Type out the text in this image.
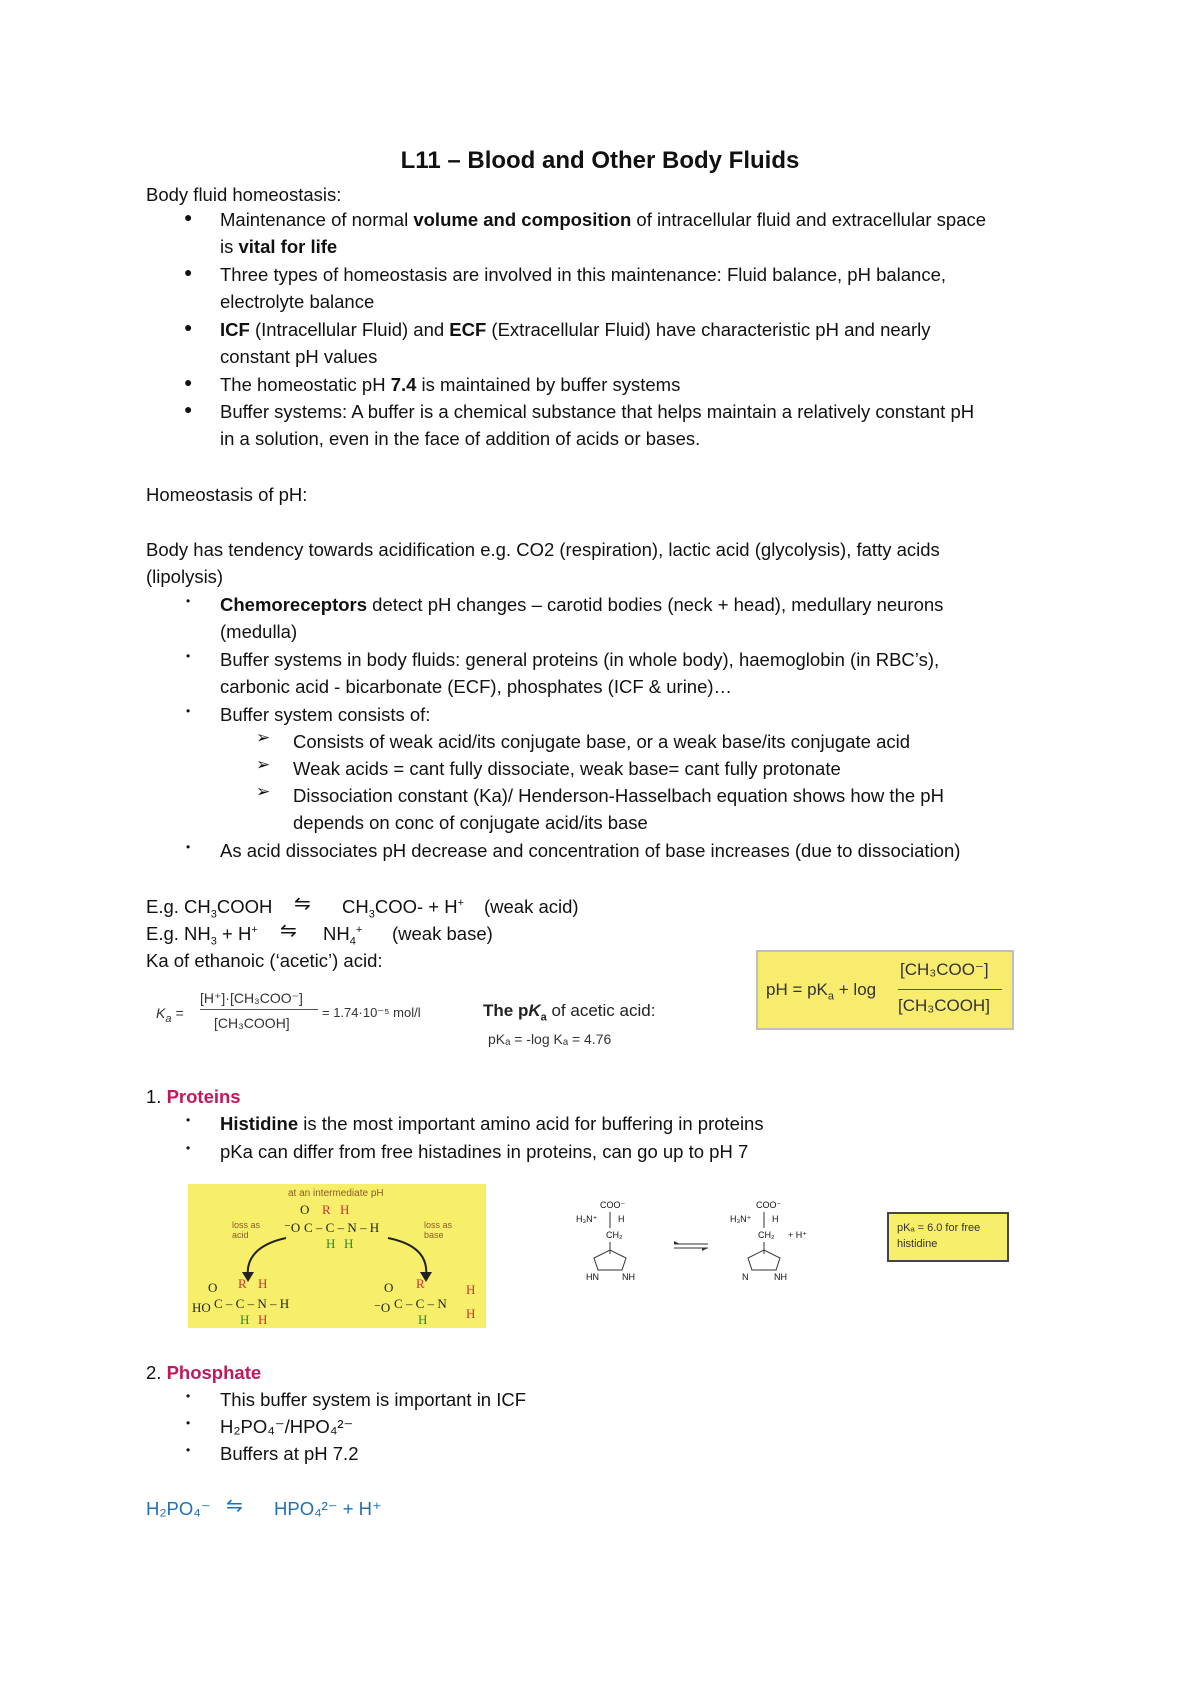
L11 – Blood and Other Body Fluids
Body fluid homeostasis:
● Maintenance of normal volume and composition of intracellular fluid and extracellular space
is vital for life
● Three types of homeostasis are involved in this maintenance: Fluid balance, pH balance,
electrolyte balance
● ICF (Intracellular Fluid) and ECF (Extracellular Fluid) have characteristic pH and nearly
constant pH values
● The homeostatic pH 7.4 is maintained by buffer systems
● Buffer systems: A buffer is a chemical substance that helps maintain a relatively constant pH
in a solution, even in the face of addition of acids or bases.
Homeostasis of pH:
Body has tendency towards acidification e.g. CO2 (respiration), lactic acid (glycolysis), fatty acids
(lipolysis)
• Chemoreceptors detect pH changes – carotid bodies (neck + head), medullary neurons
(medulla)
• Buffer systems in body fluids: general proteins (in whole body), haemoglobin (in RBC’s),
carbonic acid - bicarbonate (ECF), phosphates (ICF & urine)…
• Buffer system consists of:
➢ Consists of weak acid/its conjugate base, or a weak base/its conjugate acid
➢ Weak acids = cant fully dissociate, weak base= cant fully protonate
➢ Dissociation constant (Ka)/ Henderson-Hasselbach equation shows how the pH
depends on conc of conjugate acid/its base
• As acid dissociates pH decrease and concentration of base increases (due to dissociation)
E.g. $CH_3COOH$ ⇋ $CH_3COO- + H^+$ (weak acid)
E.g. $NH_3 + H^+$ ⇋ $NH_4^+$ (weak base)
Ka of ethanoic (‘acetic’) acid:
$K_a$ =
[H⁺]·[CH₃COO⁻]
[CH₃COOH]
= 1.74·10⁻⁵ mol/l	The $pK_a$ of acetic acid:
pKₐ = -log Kₐ = 4.76
pH = $pK_a + \log$
[CH₃COO⁻]
[CH₃COOH]
1. Proteins
• Histidine is the most important amino acid for buffering in proteins
• pKa can differ from free histadines in proteins, can go up to pH 7
at an intermediate pH
loss as
acid
loss as
base
O R H
⁻O C – C – N – H
H H
O R H
HO C – C – N – H
H H
O R	H
⁻O C – C – N
H	H
COO⁻
H₃N⁺ H
CH₂
HN	NH
COO⁻
H₃N⁺ H
CH₂ + H⁺
N	NH
pKₐ = 6.0 for free
histidine
2. Phosphate
• This buffer system is important in ICF
• H₂PO₄⁻/HPO₄²⁻
• Buffers at pH 7.2
H₂PO₄⁻ ⇋ HPO₄²⁻ + H⁺
